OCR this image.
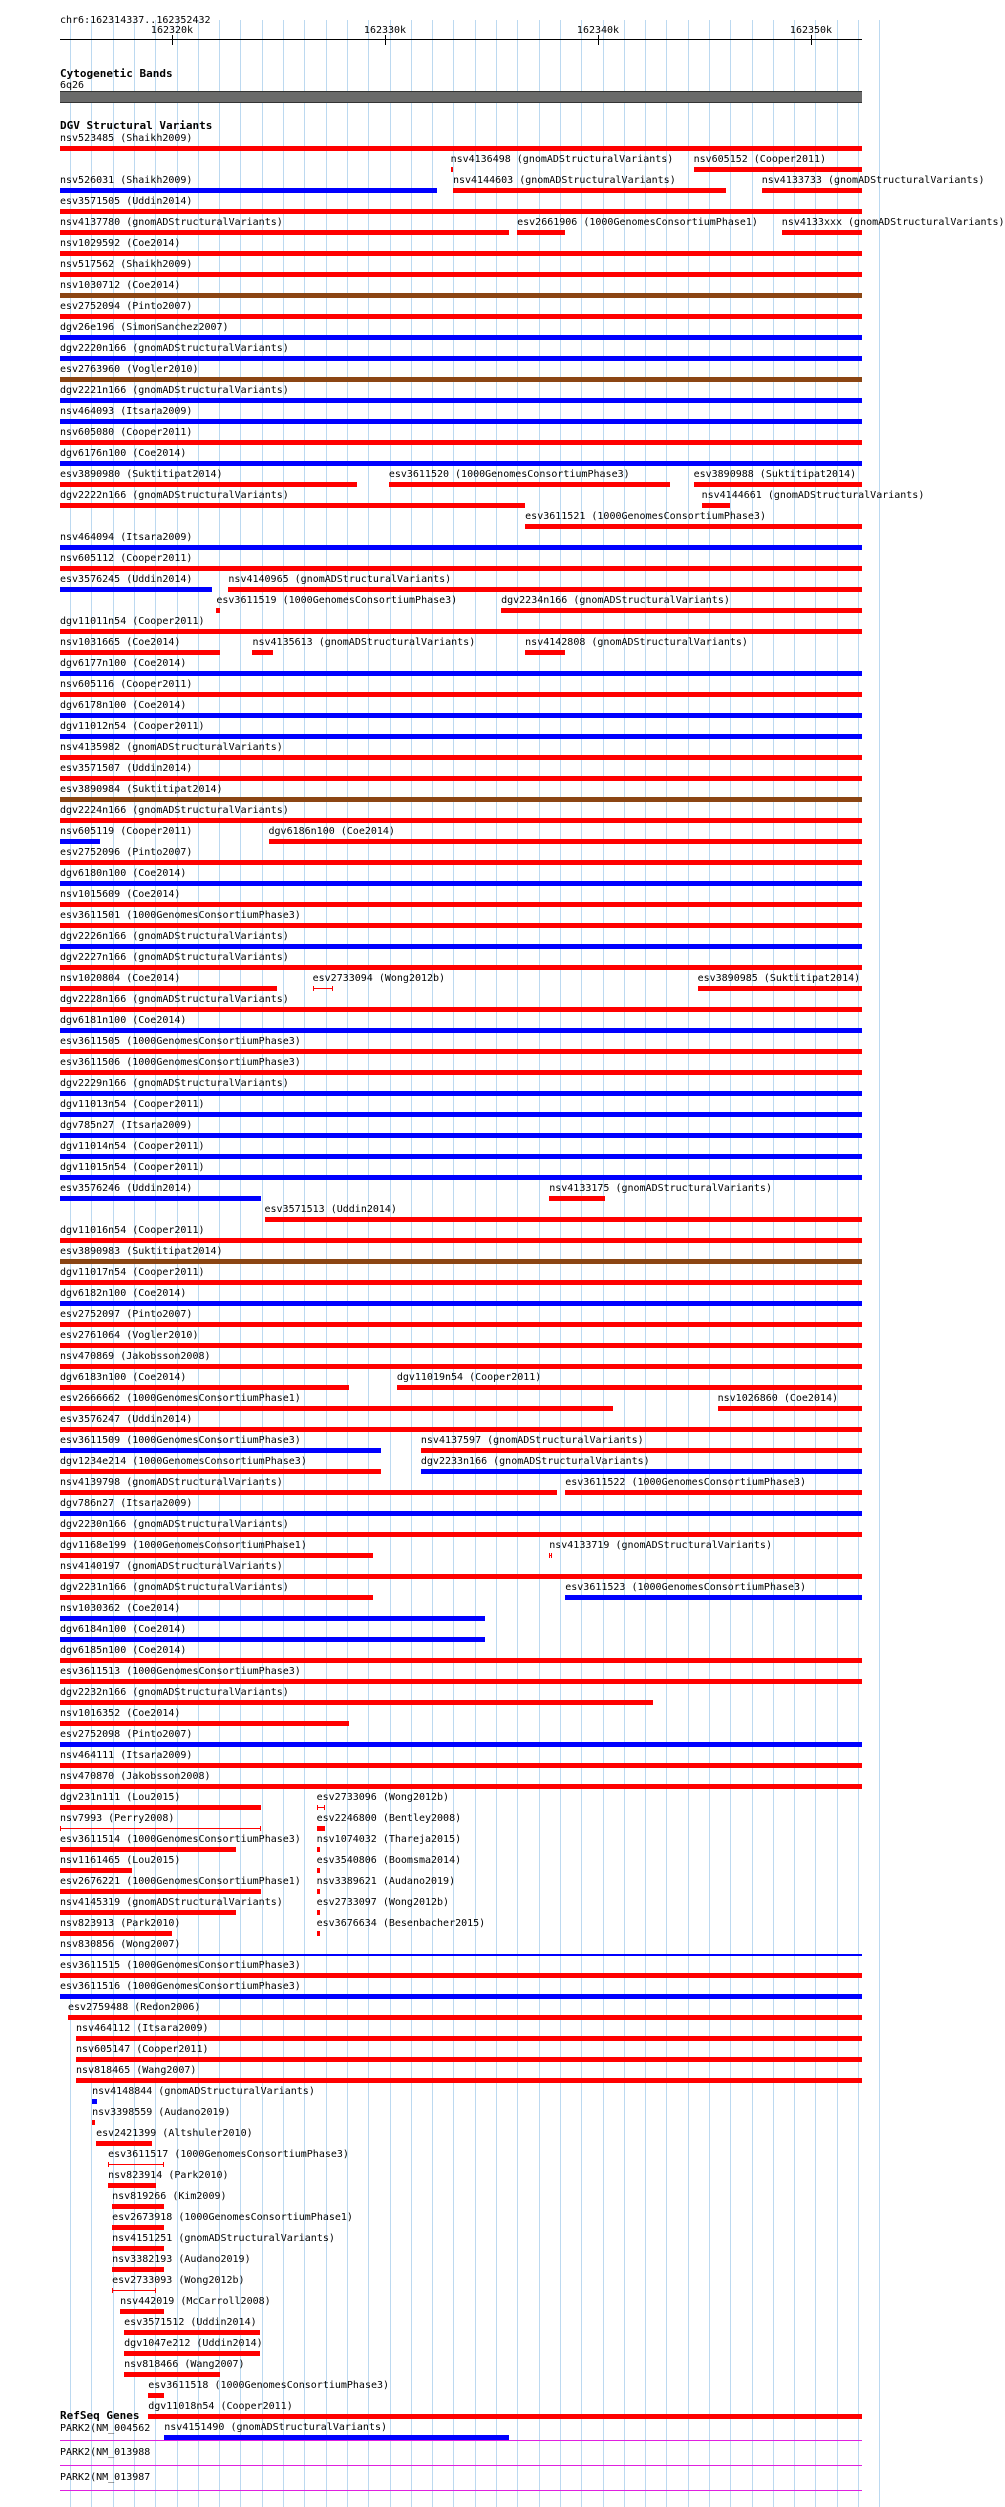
chr6:162314337..162352432
162320k	162330k	162340k	162350k
Cytogenetic Bands
6q26
DGV Structural Variants
nsv523485 (Shaikh2009)
nsv4136498 (gnomADStructuralVariants) nsv605152 (Cooper2011)
nsv526031 (Shaikh2009)	nsv4144603 (gnomADStructuralVariants)	nsv4133733 (gnomADStructuralVariants)
esv3571505 (Uddin2014)
nsv4137780 (gnomADStructuralVariants)	esv2661906 (1000GenomesConsortiumPhase1) nsv4133xxx (gnomADStructuralVariants)
nsv1029592 (Coe2014)
nsv517562 (Shaikh2009)
nsv1030712 (Coe2014)
esv2752094 (Pinto2007)
dgv26e196 (SimonSanchez2007)
dgv2220n166 (gnomADStructuralVariants)
esv2763960 (Vogler2010)
dgv2221n166 (gnomADStructuralVariants)
nsv464093 (Itsara2009)
nsv605080 (Cooper2011)
dgv6176n100 (Coe2014)
esv3890980 (Suktitipat2014)	esv3611520 (1000GenomesConsortiumPhase3)	esv3890988 (Suktitipat2014)
dgv2222n166 (gnomADStructuralVariants)
esv3611521 (1000GenomesConsortiumPhase3)
nsv464094 (Itsara2009)
nsv605112 (Cooper2011)
esv3576245 (Uddin2014)
esv3611519 (1000GenomesConsortiumPhase3)
dgv11011n54 (Cooper2011)
nsv1031665 (Coe2014)
nsv4140965 (gnomADStructuralVariants)
dgv6177n100 (Coe2014)
nsv605116 (Cooper2011)
nsv4135613 (gnomADStructuralVariants)
dgv2234n166 (gnomADStructuralVariants)
dgv6178n100 (Coe2014)
dgv11012n54 (Cooper2011)
nsv4135982 (gnomADStructuralVariants)
esv3571507 (Uddin2014)
esv3890984 (Suktitipat2014)
dgv2224n166 (gnomADStructuralVariants)
nsv605119 (Cooper2011)	dgv6186n100 (Coe2014)
esv2752096 (Pinto2007)
dgv6180n100 (Coe2014)
nsv1015609 (Coe2014)
esv3611501 (1000GenomesConsortiumPhase3)
dgv2226n166 (gnomADStructuralVariants)
dgv2227n166 (gnomADStructuralVariants)
nsv1020804 (Coe2014)	esv2733094 (Wong2012b)
nsv4142808 (gnomADStructuralVariants)
dgv2228n166 (gnomADStructuralVariants)
dgv6181n100 (Coe2014)
esv3611505 (1000GenomesConsortiumPhase3)
esv3611506 (1000GenomesConsortiumPhase3)
dgv2229n166 (gnomADStructuralVariants)
dgv11013n54 (Cooper2011)
dgv785n27 (Itsara2009)
dgv11014n54 (Cooper2011)
dgv11015n54 (Cooper2011)
esv3576246 (Uddin2014)
esv3571513 (Uddin2014)
dgv11016n54 (Cooper2011)
nsv4144661 (gnomADStructuralVariants)
esv3890983 (Suktitipat2014)
esv3890985 (Suktitipat2014)
dgv11017n54 (Cooper2011)
dgv6182n100 (Coe2014)
esv2752097 (Pinto2007)
esv2761064 (Vogler2010)
nsv4133175 (gnomADStructuralVariants)
nsv470869 (Jakobsson2008)
dgv6183n100 (Coe2014)	dgv11019n54 (Cooper2011)
esv2666662 (1000GenomesConsortiumPhase1)	nsv1026860 (Coe2014)
esv3576247 (Uddin2014)
esv3611509 (1000GenomesConsortiumPhase3)	nsv4137597 (gnomADStructuralVariants)
dgv1234e214 (1000GenomesConsortiumPhase3)	dgv2233n166 (gnomADStructuralVariants)
nsv4139798 (gnomADStructuralVariants)	esv3611522 (1000GenomesConsortiumPhase3)
dgv786n27 (Itsara2009)
dgv2230n166 (gnomADStructuralVariants)
dgv1168e199 (1000GenomesConsortiumPhase1)	nsv4133719 (gnomADStructuralVariants)
nsv4140197 (gnomADStructuralVariants)
dgv2231n166 (gnomADStructuralVariants)	esv3611523 (1000GenomesConsortiumPhase3)
nsv1030362 (Coe2014)
dgv6184n100 (Coe2014)
dgv6185n100 (Coe2014)
esv3611513 (1000GenomesConsortiumPhase3)
dgv2232n166 (gnomADStructuralVariants)
nsv1016352 (Coe2014)
esv2752098 (Pinto2007)
nsv464111 (Itsara2009)
nsv470870 (Jakobsson2008)
dgv231n111 (Lou2015)	esv2733096 (Wong2012b)
nsv7993 (Perry2008)	esv2246800 (Bentley2008)
esv3611514 (1000GenomesConsortiumPhase3) nsv1074032 (Thareja2015)
nsv1161465 (Lou2015)	esv3540806 (Boomsma2014)
esv2676221 (1000GenomesConsortiumPhase1) nsv3389621 (Audano2019)
nsv4145319 (gnomADStructuralVariants)	esv2733097 (Wong2012b)
nsv823913 (Park2010)	esv3676634 (Besenbacher2015)
nsv830856 (Wong2007)
esv3611515 (1000GenomesConsortiumPhase3)
esv3611516 (1000GenomesConsortiumPhase3)
esv2759488 (Redon2006)
nsv464112 (Itsara2009)
nsv605147 (Cooper2011)
nsv818465 (Wang2007)
nsv4148844 (gnomADStructuralVariants)
nsv3398559 (Audano2019)
esv2421399 (Altshuler2010)
esv3611517 (1000GenomesConsortiumPhase3)
nsv823914 (Park2010)
nsv819266 (Kim2009)
esv2673918 (1000GenomesConsortiumPhase1)
nsv4151251 (gnomADStructuralVariants)
nsv3382193 (Audano2019)
esv2733093 (Wong2012b)
nsv442019 (McCarroll2008)
esv3571512 (Uddin2014)
dgv1047e212 (Uddin2014)
nsv818466 (Wang2007)
esv3611518 (1000GenomesConsortiumPhase3)
dgv11018n54 (Cooper2011)
nsv4151490 (gnomADStructuralVariants)
RefSeq Genes
PARK2(NM_004562
PARK2(NM_013988
PARK2(NM_013987
